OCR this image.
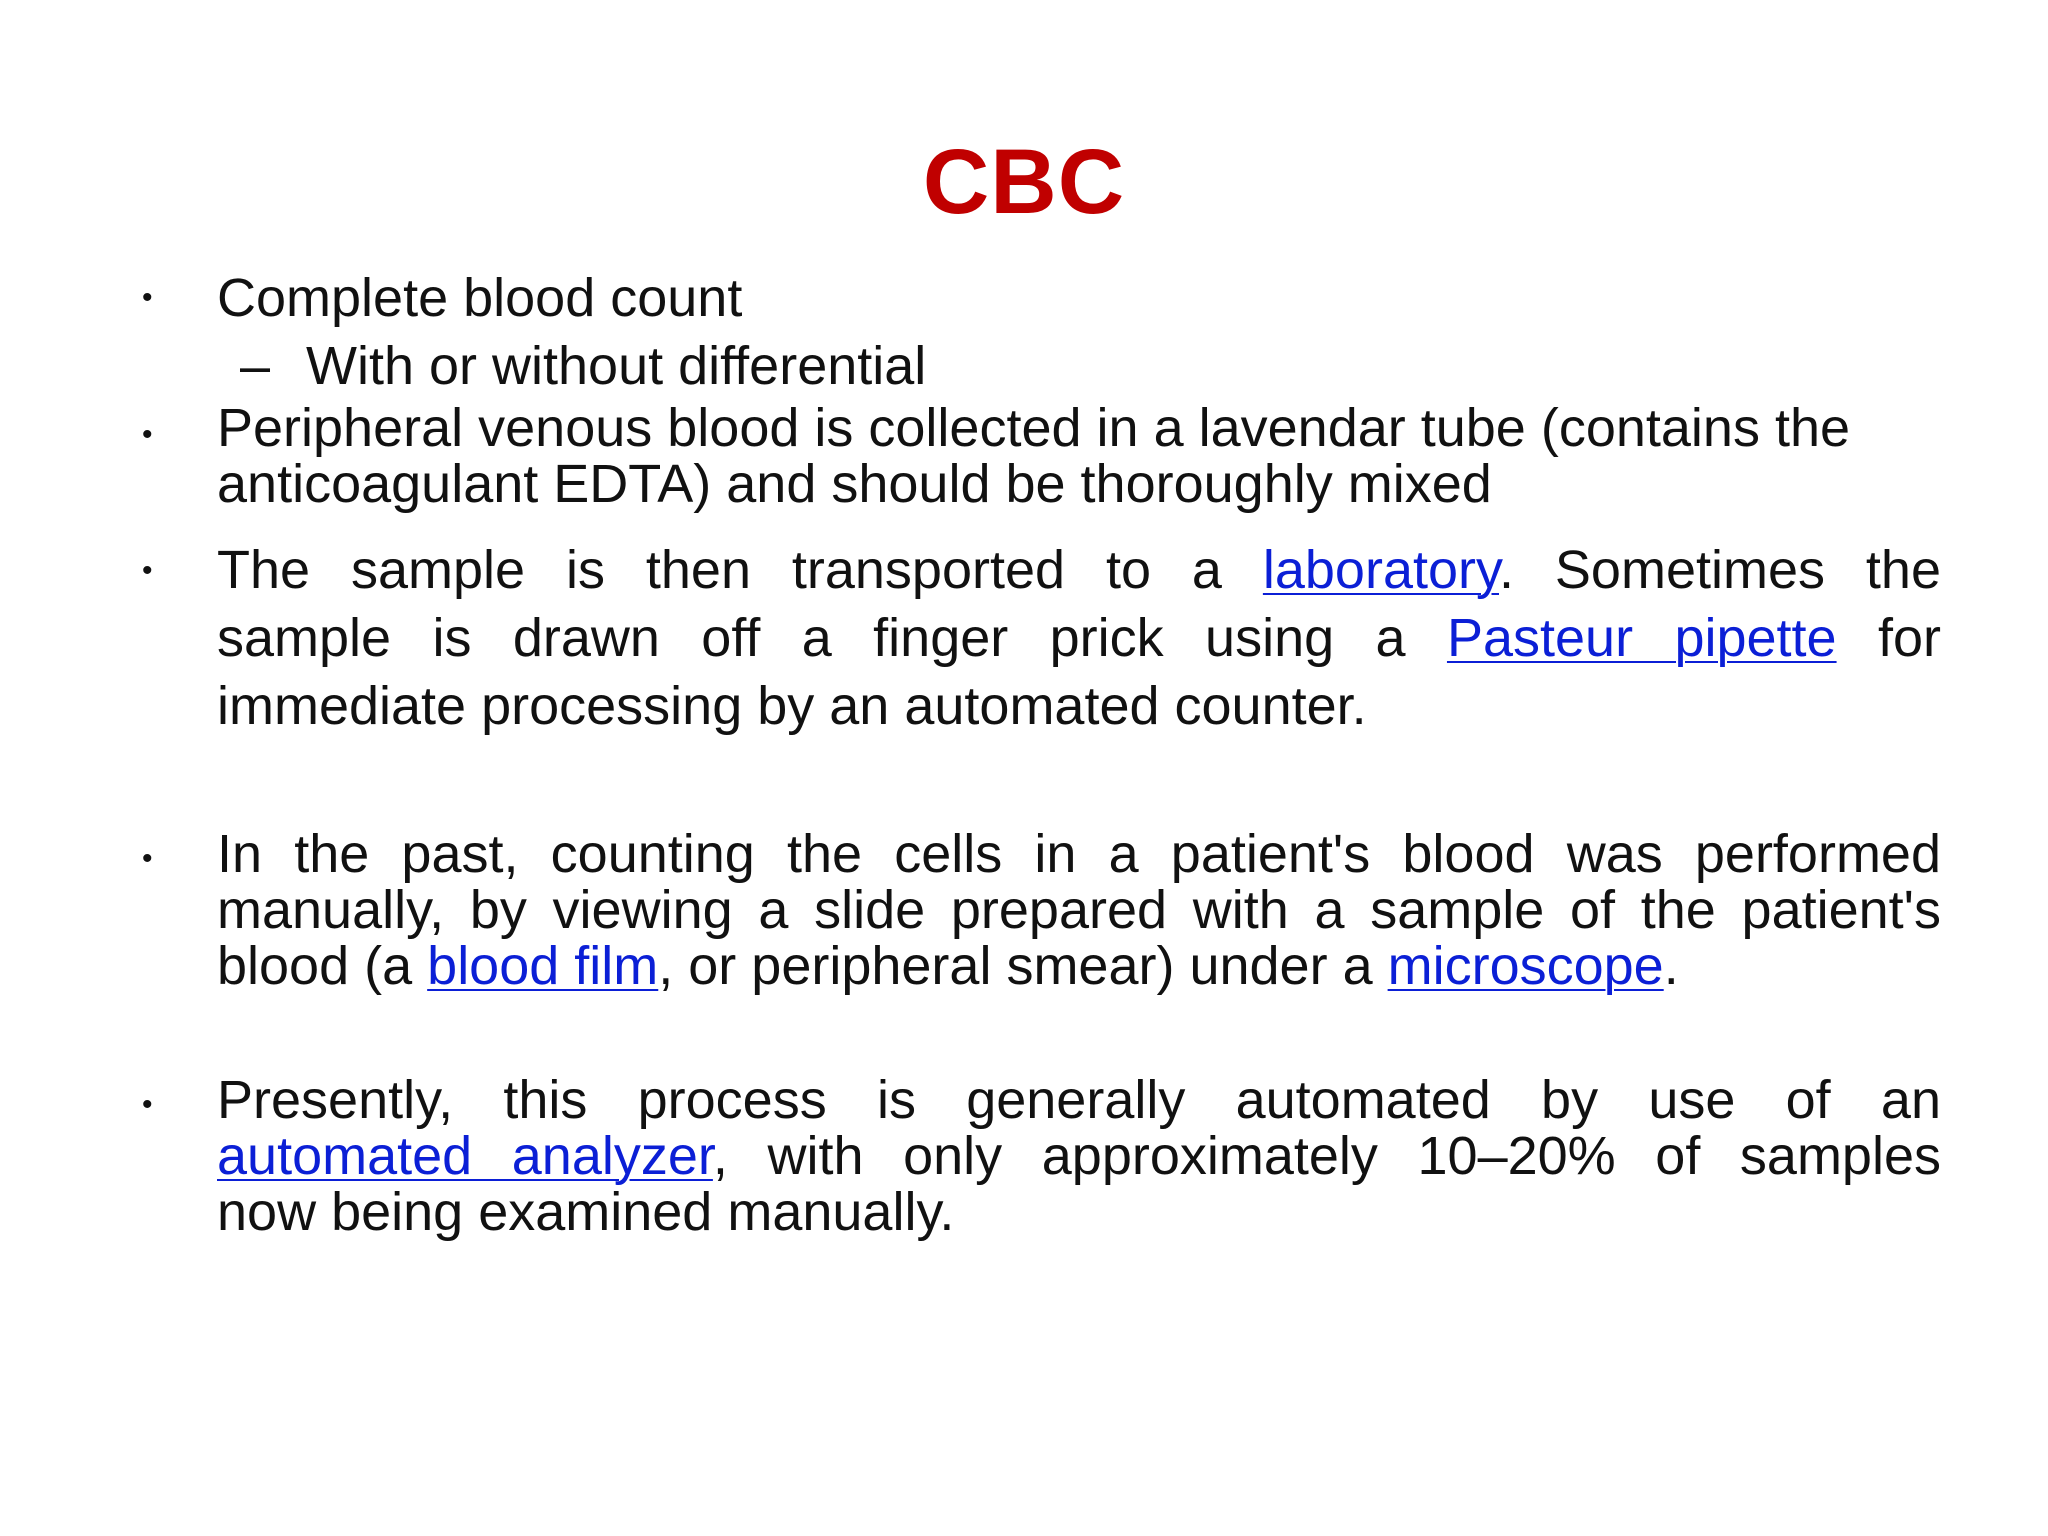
CBC
• Complete blood count
– With or without differential
• Peripheral venous blood is collected in a lavendar tube (contains the
anticoagulant EDTA) and should be thoroughly mixed
• The sample is then transported to a laboratory. Sometimes the
sample is drawn off a finger prick using a Pasteur pipette for
immediate processing by an automated counter.
• In the past, counting the cells in a patient's blood was performed
manually, by viewing a slide prepared with a sample of the patient's
blood (a blood film, or peripheral smear) under a microscope.
• Presently, this process is generally automated by use of an
automated analyzer, with only approximately 10–20% of samples
now being examined manually.
